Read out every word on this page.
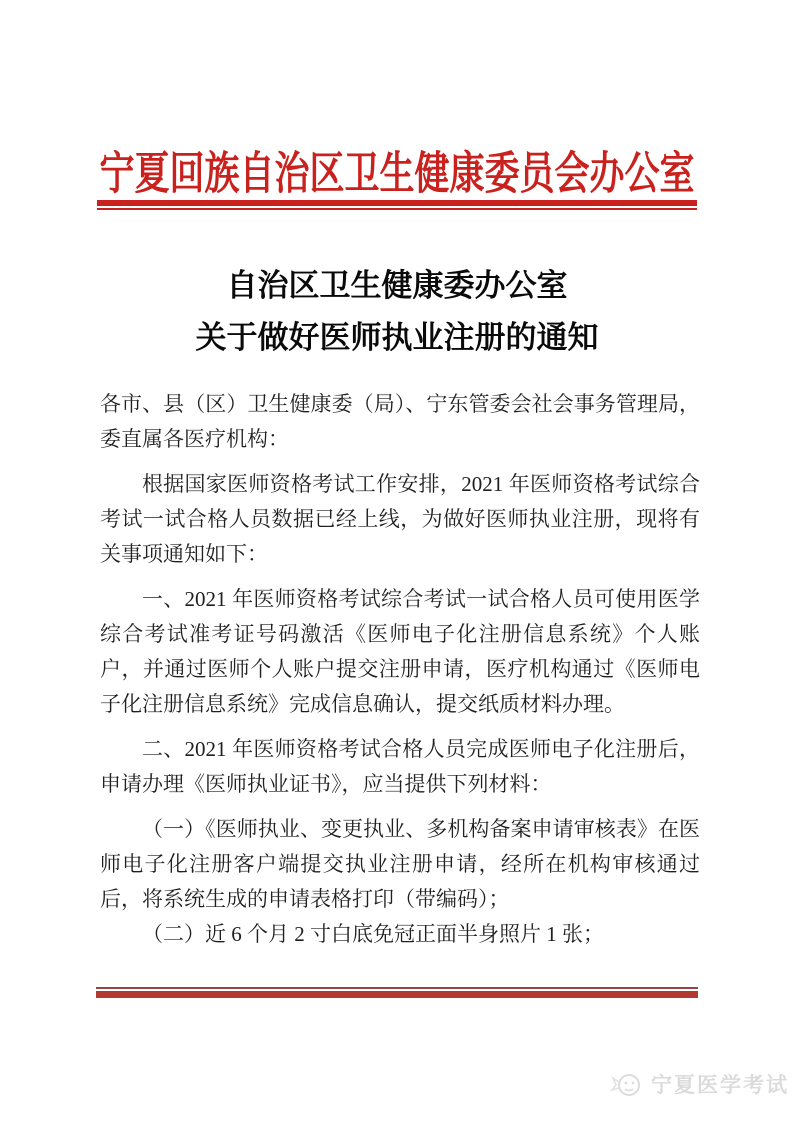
宁夏回族自治区卫生健康委员会办公室
自治区卫生健康委办公室
关于做好医师执业注册的通知

各市、县（区）卫生健康委（局）、宁东管委会社会事务管理局，委直属各医疗机构：

根据国家医师资格考试工作安排，2021 年医师资格考试综合考试一试合格人员数据已经上线，为做好医师执业注册，现将有关事项通知如下：

一、2021 年医师资格考试综合考试一试合格人员可使用医学综合考试准考证号码激活《医师电子化注册信息系统》个人账户，并通过医师个人账户提交注册申请，医疗机构通过《医师电子化注册信息系统》完成信息确认，提交纸质材料办理。

二、2021 年医师资格考试合格人员完成医师电子化注册后，申请办理《医师执业证书》，应当提供下列材料：

（一）《医师执业、变更执业、多机构备案申请审核表》在医师电子化注册客户端提交执业注册申请，经所在机构审核通过后，将系统生成的申请表格打印（带编码）；

（二）近 6 个月 2 寸白底免冠正面半身照片 1 张；

宁夏医学考试
